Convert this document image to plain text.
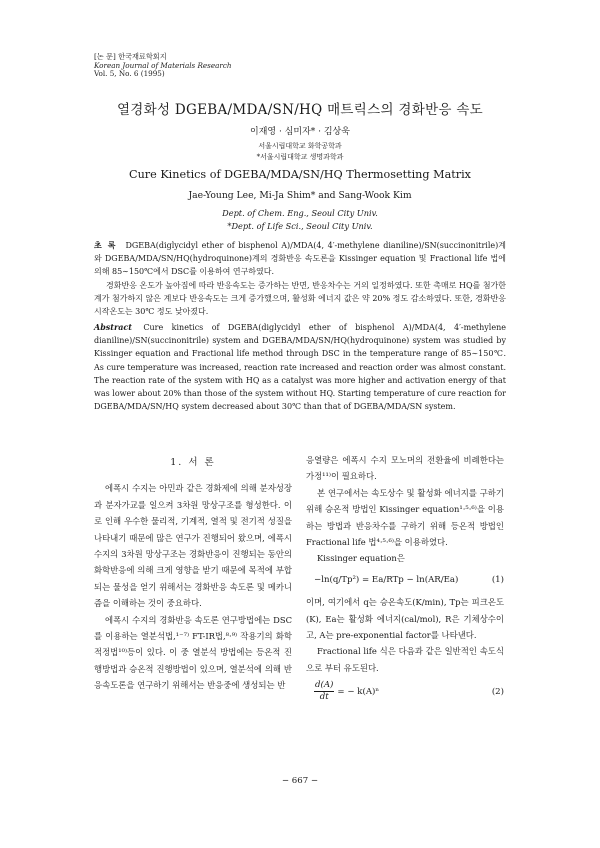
[논 문] 한국재료학회지
Korean Journal of Materials Research
Vol. 5, No. 6 (1995)
열경화성 DGEBA/MDA/SN/HQ 매트릭스의 경화반응 속도
이재영 · 심미자* · 김상욱
서울시립대학교 화학공학과
*서울시립대학교 생명과학과
Cure Kinetics of DGEBA/MDA/SN/HQ Thermosetting Matrix
Jae-Young Lee, Mi-Ja Shim* and Sang-Wook Kim
Dept. of Chem. Eng., Seoul City Univ.
*Dept. of Life Sci., Seoul City Univ.

초록 DGEBA(diglycidyl ether of bisphenol A)/MDA(4, 4′-methylene dianiline)/SN(succinonitrile)계와 DGEBA/MDA/SN/HQ(hydroquinone)계의 경화반응 속도론을 Kissinger equation 및 Fractional life 법에 의해 85∼150℃에서 DSC를 이용하여 연구하였다.

경화반응 온도가 높아짐에 따라 반응속도는 증가하는 반면, 반응차수는 거의 일정하였다. 또한 촉매로 HQ를 첨가한 계가 첨가하지 않은 계보다 반응속도는 크게 증가했으며, 활성화 에너지 값은 약 20% 정도 감소하였다. 또한, 경화반응 시작온도는 30℃ 정도 낮아졌다.

Abstract Cure kinetics of DGEBA(diglycidyl ether of bisphenol A)/MDA(4, 4′-methylene dianiline)/SN(succinonitrile) system and DGEBA/MDA/SN/HQ(hydroquinone) system was studied by Kissinger equation and Fractional life method through DSC in the temperature range of 85∼150℃. As cure temperature was increased, reaction rate increased and reaction order was almost constant. The reaction rate of the system with HQ as a catalyst was more higher and activation energy of that was lower about 20% than those of the system without HQ. Starting temperature of cure reaction for DGEBA/MDA/SN/HQ system decreased about 30℃ than that of DGEBA/MDA/SN system.
1. 서 론

에폭시 수지는 아민과 같은 경화제에 의해 분자성장과 분자가교를 일으켜 3차원 망상구조를 형성한다. 이로 인해 우수한 물리적, 기계적, 열적 및 전기적 성질을 나타내기 때문에 많은 연구가 진행되어 왔으며, 에폭시 수지의 3차원 망상구조는 경화반응이 진행되는 동안의 화학반응에 의해 크게 영향을 받기 때문에 목적에 부합되는 물성을 얻기 위해서는 경화반응 속도론 및 메카니즘을 이해하는 것이 중요하다.

에폭시 수지의 경화반응 속도론 연구방법에는 DSC를 이용하는 열분석법,¹⁻⁷⁾ FT-IR법,⁸·⁹⁾ 작용기의 화학 적정법¹⁰⁾등이 있다. 이 중 열분석 방법에는 등온적 진행방법과 승온적 진행방법이 있으며, 열분석에 의해 반응속도론을 연구하기 위해서는 반응중에 생성되는 반

응열량은 에폭시 수지 모노머의 전환율에 비례한다는 가정¹¹⁾이 필요하다.

본 연구에서는 속도상수 및 활성화 에너지를 구하기 위해 승온적 방법인 Kissinger equation¹·⁵·⁶⁾을 이용하는 방법과 반응차수를 구하기 위해 등온적 방법인 Fractional life 법⁴·⁵·⁶⁾을 이용하였다.

Kissinger equation은

−ln(q/Tp²) = Ea/RTp − ln(AR/Ea)	(1)

이며, 여기에서 q는 승온속도(K/min), Tp는 피크온도(K), Ea는 활성화 에너지(cal/mol), R은 기체상수이고, A는 pre-exponential factor를 나타낸다.

Fractional life 식은 다음과 같은 일반적인 속도식으로 부터 유도된다.

$\frac{d(A)}{dt}$ = − k(A)ⁿ	(2)
− 667 −
